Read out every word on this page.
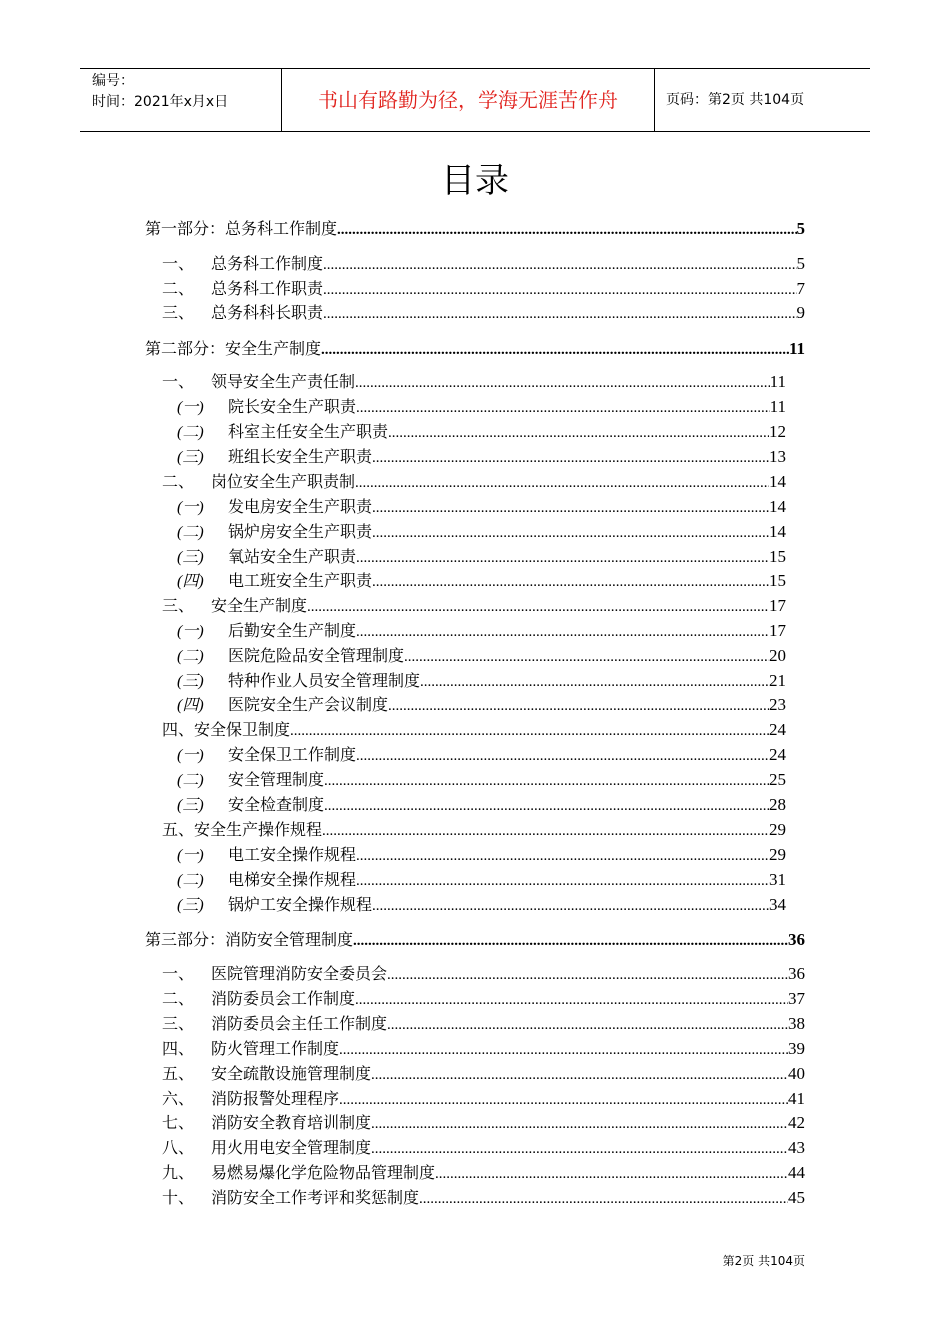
编号：
时间：2021年x月x日	书山有路勤为径，学海无涯苦作舟	页码：第2页 共104页
目录
第一部分：总务科工作制度 .....	5
一、	总务科工作制度 .....	5
二、	总务科工作职责 .....	7
三、	总务科科长职责 .....	9
第二部分：安全生产制度 .....	11
一、	领导安全生产责任制 .....	11
(一)	院长安全生产职责 .....	11
(二)	科室主任安全生产职责 .....	12
(三)	班组长安全生产职责 .....	13
二、	岗位安全生产职责制 .....	14
(一)	发电房安全生产职责 .....	14
(二)	锅炉房安全生产职责 .....	14
(三)	氧站安全生产职责 .....	15
(四)	电工班安全生产职责 .....	15
三、	安全生产制度 .....	17
(一)	后勤安全生产制度 .....	17
(二)	医院危险品安全管理制度 .....	20
(三)	特种作业人员安全管理制度 .....	21
(四)	医院安全生产会议制度 .....	23
四、 安全保卫制度 .....	24
(一)	安全保卫工作制度 .....	24
(二)	安全管理制度 .....	25
(三)	安全检查制度 .....	28
五、 安全生产操作规程 .....	29
(一)	电工安全操作规程 .....	29
(二)	电梯安全操作规程 .....	31
(三)	锅炉工安全操作规程 .....	34
第三部分：消防安全管理制度 .....	36
一、	医院管理消防安全委员会 .....	36
二、	消防委员会工作制度 .....	37
三、	消防委员会主任工作制度 .....	38
四、	防火管理工作制度 .....	39
五、	安全疏散设施管理制度 .....	40
六、	消防报警处理程序 .....	41
七、	消防安全教育培训制度 .....	42
八、	用火用电安全管理制度 .....	43
九、	易燃易爆化学危险物品管理制度 .....	44
十、	消防安全工作考评和奖惩制度 .....	45
第2页 共104页
